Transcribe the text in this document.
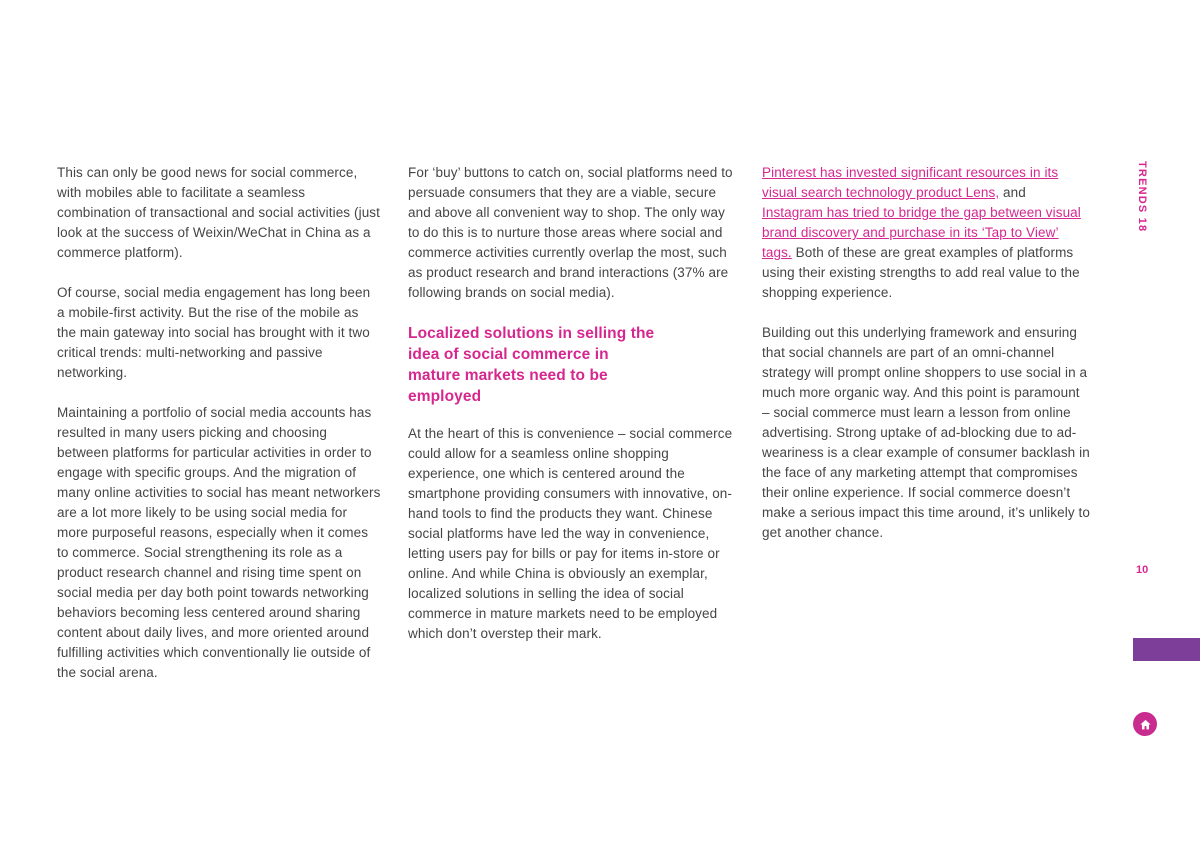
This can only be good news for social commerce, with mobiles able to facilitate a seamless combination of transactional and social activities (just look at the success of Weixin/WeChat in China as a commerce platform).

Of course, social media engagement has long been a mobile-first activity. But the rise of the mobile as the main gateway into social has brought with it two critical trends: multi-networking and passive networking.

Maintaining a portfolio of social media accounts has resulted in many users picking and choosing between platforms for particular activities in order to engage with specific groups. And the migration of many online activities to social has meant networkers are a lot more likely to be using social media for more purposeful reasons, especially when it comes to commerce. Social strengthening its role as a product research channel and rising time spent on social media per day both point towards networking behaviors becoming less centered around sharing content about daily lives, and more oriented around fulfilling activities which conventionally lie outside of the social arena.

For ‘buy’ buttons to catch on, social platforms need to persuade consumers that they are a viable, secure and above all convenient way to shop. The only way to do this is to nurture those areas where social and commerce activities currently overlap the most, such as product research and brand interactions (37% are following brands on social media).

Localized solutions in selling the idea of social commerce in mature markets need to be employed

At the heart of this is convenience – social commerce could allow for a seamless online shopping experience, one which is centered around the smartphone providing consumers with innovative, on-hand tools to find the products they want. Chinese social platforms have led the way in convenience, letting users pay for bills or pay for items in-store or online. And while China is obviously an exemplar, localized solutions in selling the idea of social commerce in mature markets need to be employed which don’t overstep their mark.

Pinterest has invested significant resources in its visual search technology product Lens, and Instagram has tried to bridge the gap between visual brand discovery and purchase in its ‘Tap to View’ tags. Both of these are great examples of platforms using their existing strengths to add real value to the shopping experience.

Building out this underlying framework and ensuring that social channels are part of an omni-channel strategy will prompt online shoppers to use social in a much more organic way. And this point is paramount – social commerce must learn a lesson from online advertising. Strong uptake of ad-blocking due to ad-weariness is a clear example of consumer backlash in the face of any marketing attempt that compromises their online experience. If social commerce doesn’t make a serious impact this time around, it’s unlikely to get another chance.

TRENDS 18
10
